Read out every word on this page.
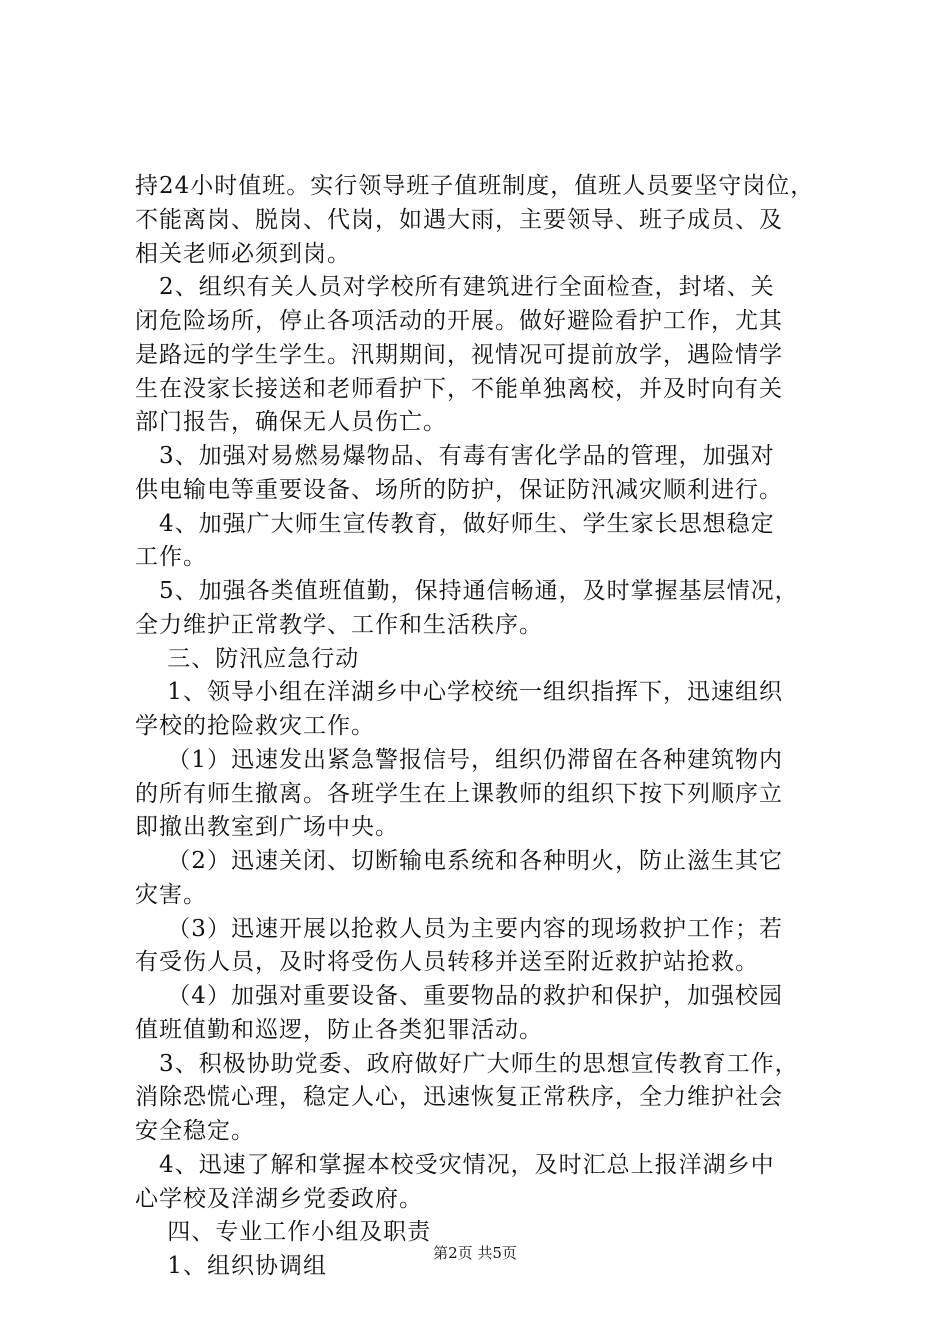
持24小时值班。实行领导班子值班制度，值班人员要坚守岗位，
不能离岗、脱岗、代岗，如遇大雨，主要领导、班子成员、及
相关老师必须到岗。
　2、组织有关人员对学校所有建筑进行全面检查，封堵、关
闭危险场所，停止各项活动的开展。做好避险看护工作，尤其
是路远的学生学生。汛期期间，视情况可提前放学，遇险情学
生在没家长接送和老师看护下，不能单独离校，并及时向有关
部门报告，确保无人员伤亡。
　3、加强对易燃易爆物品、有毒有害化学品的管理，加强对
供电输电等重要设备、场所的防护，保证防汛减灾顺利进行。
　4、加强广大师生宣传教育，做好师生、学生家长思想稳定
工作。
　5、加强各类值班值勤，保持通信畅通，及时掌握基层情况，
全力维护正常教学、工作和生活秩序。
　 三、防汛应急行动
　 1、领导小组在洋湖乡中心学校统一组织指挥下，迅速组织
学校的抢险救灾工作。
　 （1）迅速发出紧急警报信号，组织仍滞留在各种建筑物内
的所有师生撤离。各班学生在上课教师的组织下按下列顺序立
即撤出教室到广场中央。
　 （2）迅速关闭、切断输电系统和各种明火，防止滋生其它
灾害。
　 （3）迅速开展以抢救人员为主要内容的现场救护工作；若
有受伤人员，及时将受伤人员转移并送至附近救护站抢救。
　 （4）加强对重要设备、重要物品的救护和保护，加强校园
值班值勤和巡逻，防止各类犯罪活动。
　3、积极协助党委、政府做好广大师生的思想宣传教育工作，
消除恐慌心理，稳定人心，迅速恢复正常秩序，全力维护社会
安全稳定。
　4、迅速了解和掌握本校受灾情况，及时汇总上报洋湖乡中
心学校及洋湖乡党委政府。
　 四、专业工作小组及职责
　 1、组织协调组	第2页 共5页
